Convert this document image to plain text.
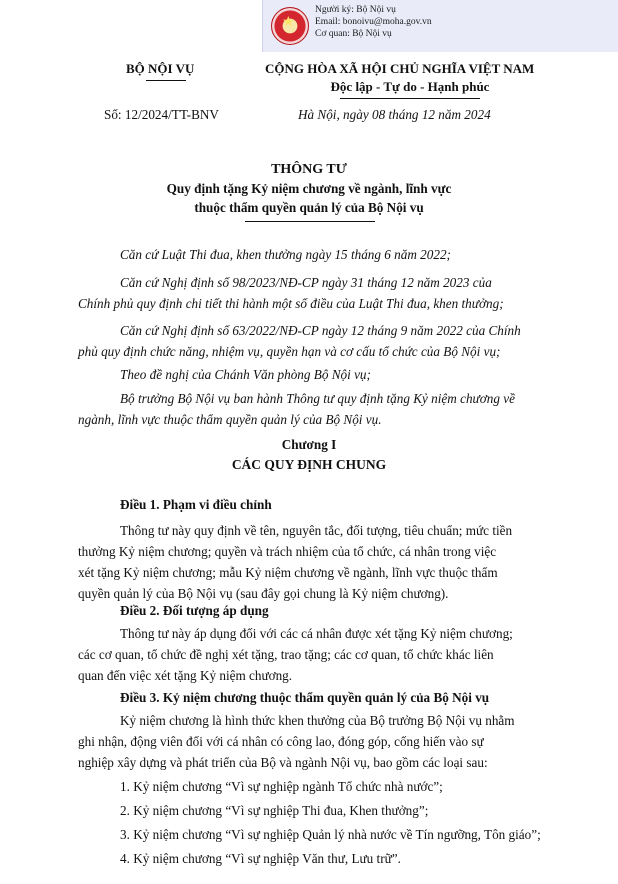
★
Người ký: Bộ Nội vụ
Email: bonoivu@moha.gov.vn
Cơ quan: Bộ Nội vụ
BỘ NỘI VỤ	CỘNG HÒA XÃ HỘI CHỦ NGHĨA VIỆT NAM
Độc lập - Tự do - Hạnh phúc
Số: 12/2024/TT-BNV	Hà Nội, ngày 08 tháng 12 năm 2024
THÔNG TƯ
Quy định tặng Kỷ niệm chương về ngành, lĩnh vực
thuộc thẩm quyền quản lý của Bộ Nội vụ
Căn cứ Luật Thi đua, khen thưởng ngày 15 tháng 6 năm 2022;
Căn cứ Nghị định số 98/2023/NĐ-CP ngày 31 tháng 12 năm 2023 của
Chính phủ quy định chi tiết thi hành một số điều của Luật Thi đua, khen thưởng;
Căn cứ Nghị định số 63/2022/NĐ-CP ngày 12 tháng 9 năm 2022 của Chính
phủ quy định chức năng, nhiệm vụ, quyền hạn và cơ cấu tổ chức của Bộ Nội vụ;
Theo đề nghị của Chánh Văn phòng Bộ Nội vụ;
Bộ trưởng Bộ Nội vụ ban hành Thông tư quy định tặng Kỷ niệm chương về
ngành, lĩnh vực thuộc thẩm quyền quản lý của Bộ Nội vụ.
Chương I
CÁC QUY ĐỊNH CHUNG
Điều 1. Phạm vi điều chỉnh
Thông tư này quy định về tên, nguyên tắc, đối tượng, tiêu chuẩn; mức tiền
thưởng Kỷ niệm chương; quyền và trách nhiệm của tổ chức, cá nhân trong việc
xét tặng Kỷ niệm chương; mẫu Kỷ niệm chương về ngành, lĩnh vực thuộc thẩm
quyền quản lý của Bộ Nội vụ (sau đây gọi chung là Kỷ niệm chương).
Điều 2. Đối tượng áp dụng
Thông tư này áp dụng đối với các cá nhân được xét tặng Kỷ niệm chương;
các cơ quan, tổ chức đề nghị xét tặng, trao tặng; các cơ quan, tổ chức khác liên
quan đến việc xét tặng Kỷ niệm chương.
Điều 3. Kỷ niệm chương thuộc thẩm quyền quản lý của Bộ Nội vụ
Kỷ niệm chương là hình thức khen thưởng của Bộ trưởng Bộ Nội vụ nhằm
ghi nhận, động viên đối với cá nhân có công lao, đóng góp, cống hiến vào sự
nghiệp xây dựng và phát triển của Bộ và ngành Nội vụ, bao gồm các loại sau:
1. Kỷ niệm chương “Vì sự nghiệp ngành Tổ chức nhà nước”;
2. Kỷ niệm chương “Vì sự nghiệp Thi đua, Khen thưởng”;
3. Kỷ niệm chương “Vì sự nghiệp Quản lý nhà nước về Tín ngưỡng, Tôn giáo”;
4. Kỷ niệm chương “Vì sự nghiệp Văn thư, Lưu trữ”.
